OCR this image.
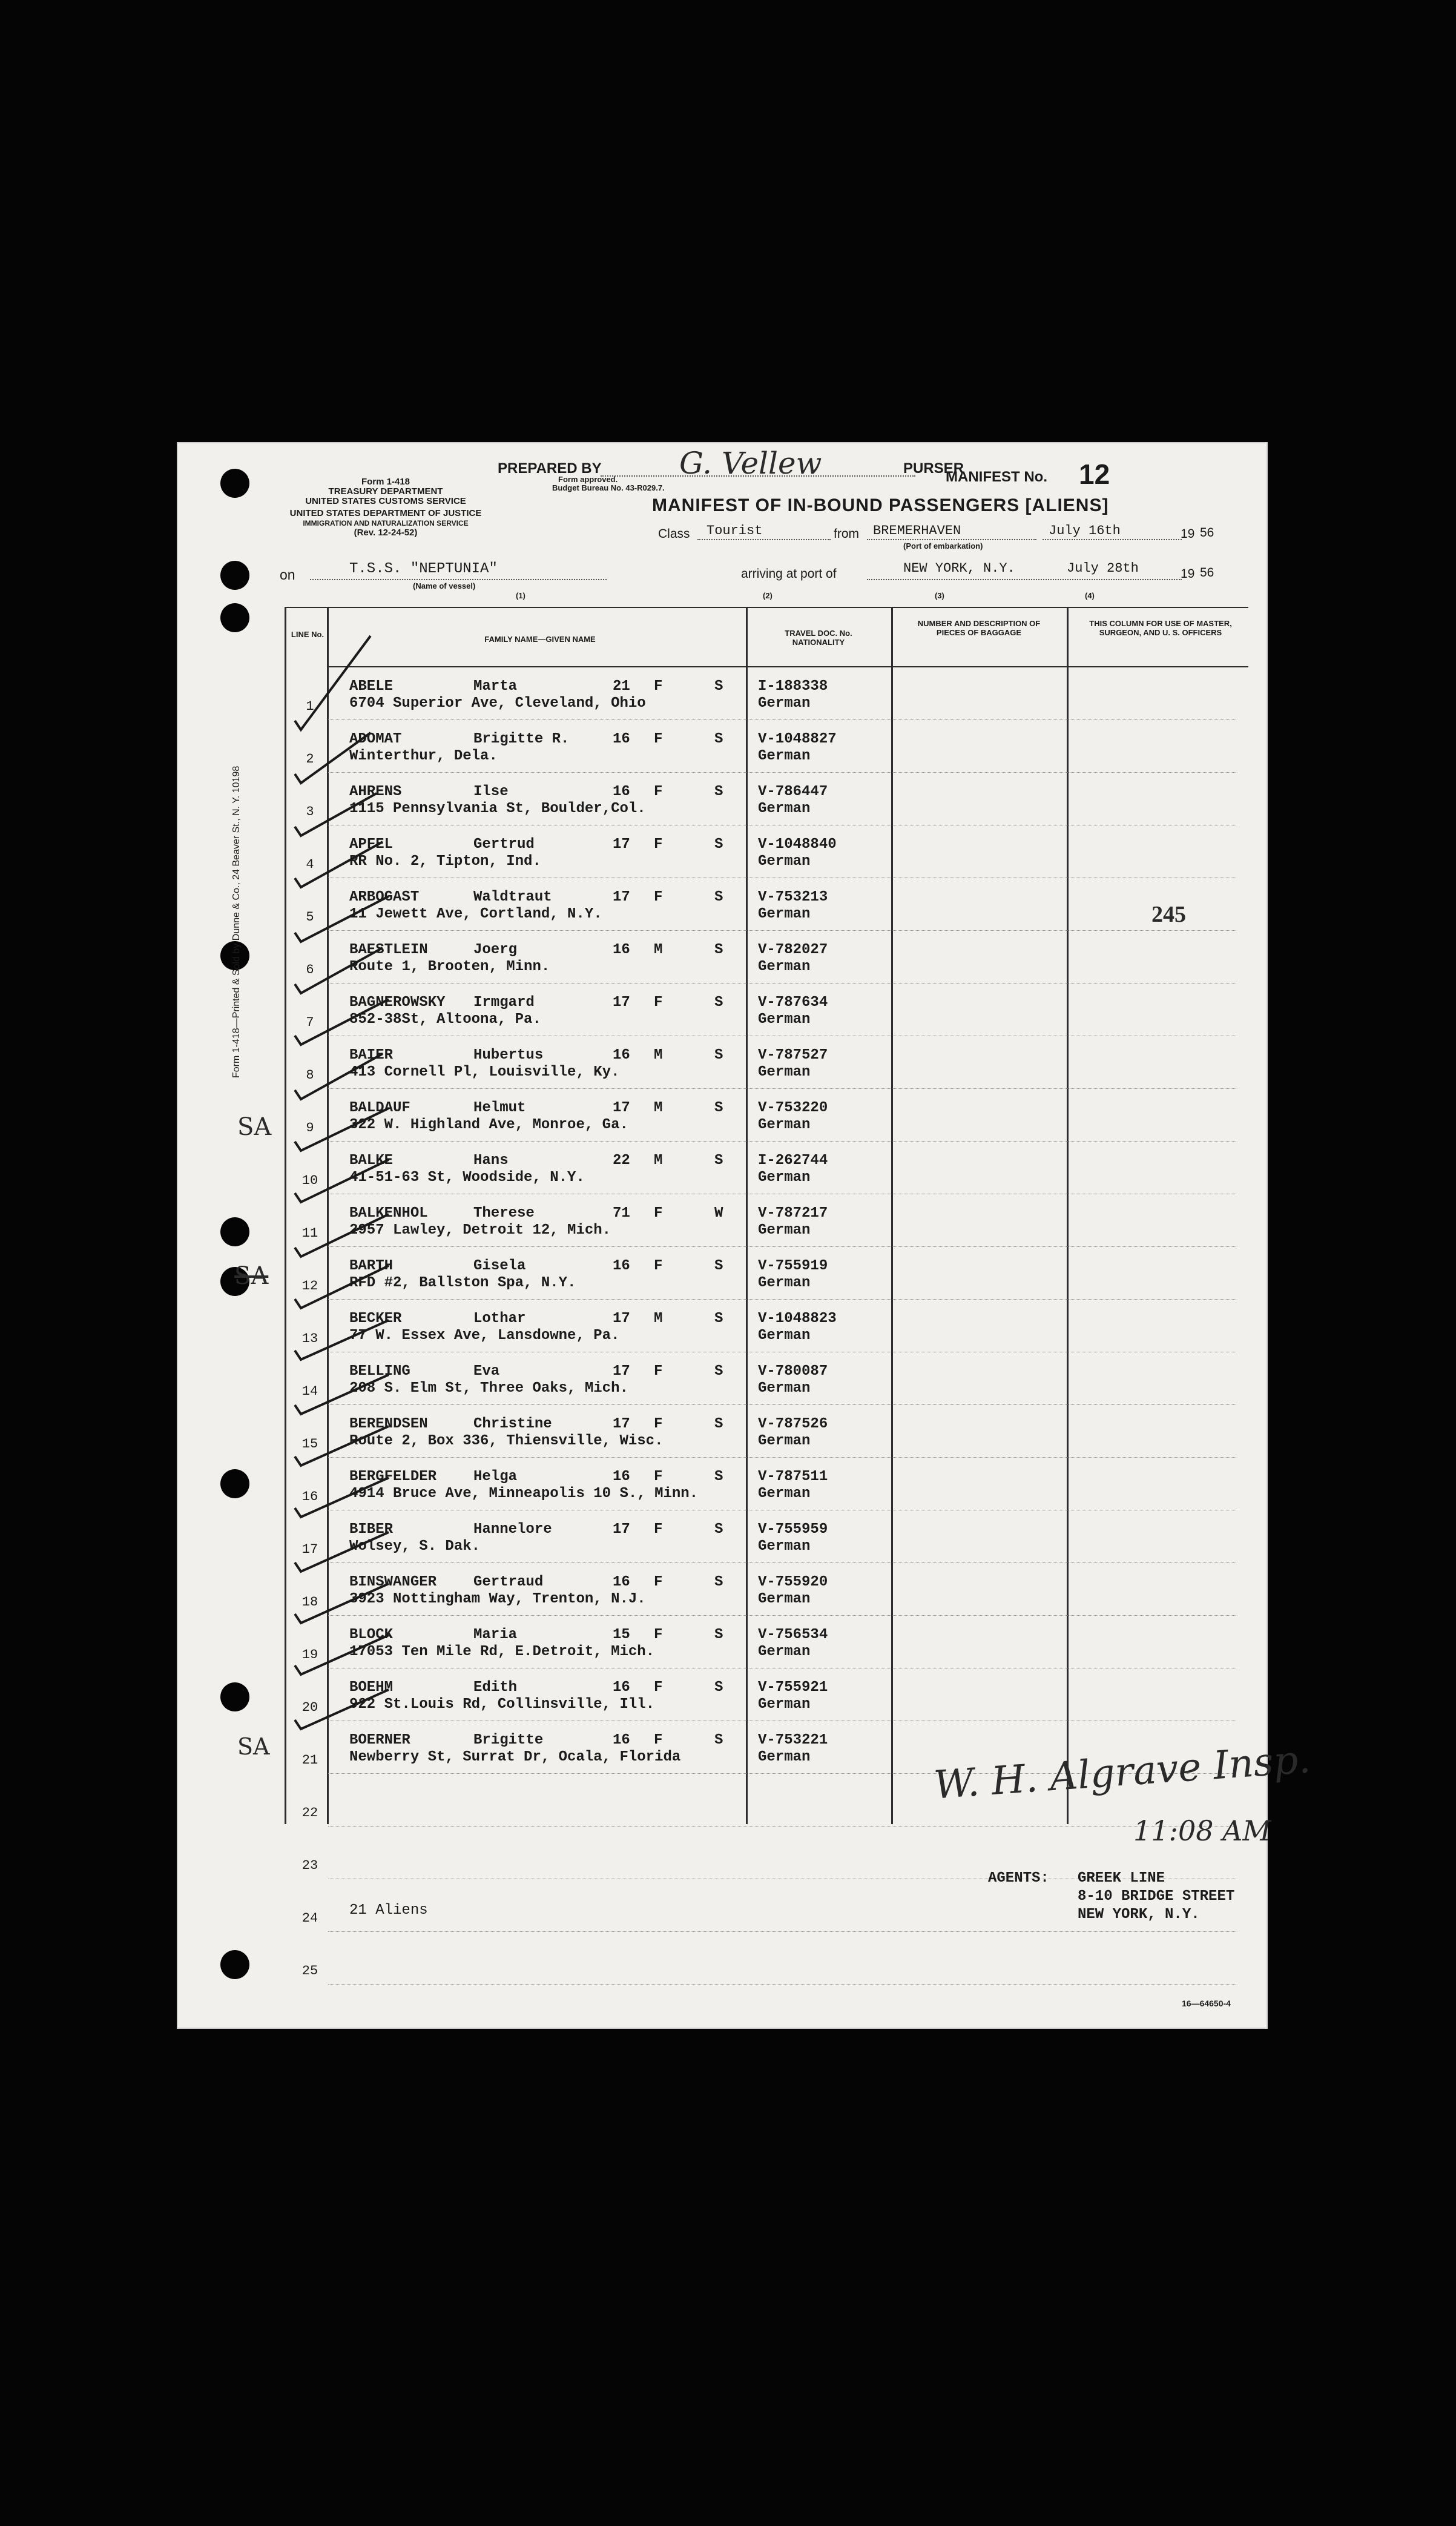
Form 1-418—Printed & Sold by Dunne & Co., 24 Beaver St., N. Y. 10198
Form 1-418
TREASURY DEPARTMENT
UNITED STATES CUSTOMS SERVICE
UNITED STATES DEPARTMENT OF JUSTICE
IMMIGRATION AND NATURALIZATION SERVICE
(Rev. 12-24-52)
PREPARED BY	G. Vellew	PURSER
MANIFEST No. 12
Form approved.
Budget Bureau No. 43-R029.7.
MANIFEST OF IN-BOUND PASSENGERS [ALIENS]
Class Tourist	from BREMERHAVEN
(Port of embarkation)
July 16th	19 56
on	T.S.S. "NEPTUNIA"
(Name of vessel)
arriving at port of	NEW YORK, N.Y.	July 28th	19 56
(1)	(2)	(3)	(4)
LINE No.
FAMILY NAME—GIVEN NAME
TRAVEL DOC. No. NATIONALITY
NUMBER AND DESCRIPTION OF PIECES OF BAGGAGE
THIS COLUMN FOR USE OF MASTER, SURGEON, AND U. S. OFFICERS
1
ABELE	Marta	21 F	S
6704 Superior Ave, Cleveland, Ohio
I-188338
German
2
ADOMAT	Brigitte R.	16 F	S
Winterthur, Dela.
V-1048827
German
3
AHRENS	Ilse	16 F	S
1115 Pennsylvania St, Boulder,Col.
V-786447
German
4
APFEL	Gertrud	17 F	S
RR No. 2, Tipton, Ind.
V-1048840
German
5
ARBOGAST	Waldtraut	17 F	S
11 Jewett Ave, Cortland, N.Y.
V-753213
German
6
BAESTLEIN	Joerg	16 M	S
Route 1, Brooten, Minn.
V-782027
German
7
BAGNEROWSKY Irmgard	17 F	S
852-38St, Altoona, Pa.
V-787634
German
8
BAIER	Hubertus	16 M	S
413 Cornell Pl, Louisville, Ky.
V-787527
German
9
BALDAUF	Helmut	17 M	S
322 W. Highland Ave, Monroe, Ga.
V-753220
German
10
BALKE	Hans	22 M	S
41-51-63 St, Woodside, N.Y.
I-262744
German
11
BALKENHOL	Therese	71 F	W
2957 Lawley, Detroit 12, Mich.
V-787217
German
12
BARTH	Gisela	16 F	S
RFD #2, Ballston Spa, N.Y.
V-755919
German
13
BECKER	Lothar	17 M	S
77 W. Essex Ave, Lansdowne, Pa.
V-1048823
German
14
BELLING	Eva	17 F	S
208 S. Elm St, Three Oaks, Mich.
V-780087
German
15
BERENDSEN	Christine	17 F	S
Route 2, Box 336, Thiensville, Wisc.
V-787526
German
16
BERGFELDER	Helga	16 F	S
4914 Bruce Ave, Minneapolis 10 S., Minn.
V-787511
German
17
BIBER	Hannelore	17 F	S
Wolsey, S. Dak.
V-755959
German
18
BINSWANGER	Gertraud	16 F	S
3923 Nottingham Way, Trenton, N.J.
V-755920
German
19
BLOCK	Maria	15 F	S
17053 Ten Mile Rd, E.Detroit, Mich.
V-756534
German
20
BOEHM	Edith	16 F	S
922 St.Louis Rd, Collinsville, Ill.
V-755921
German
21
BOERNER	Brigitte	16 F	S
Newberry St, Surrat Dr, Ocala, Florida
V-753221
German
22
23
24	21 Aliens
25
245
SA
SA
SA	W. H. Algrave Insp.
11:08 AM
AGENTS: GREEK LINE
8-10 BRIDGE STREET
NEW YORK, N.Y.
16—64650-4
